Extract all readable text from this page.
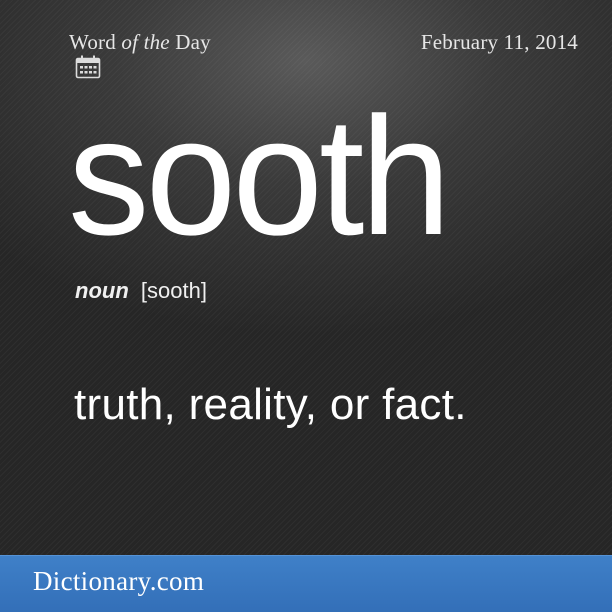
Word of the Day	February 11, 2014
sooth
noun [sooth]
truth, reality, or fact.
Dictionary.com
